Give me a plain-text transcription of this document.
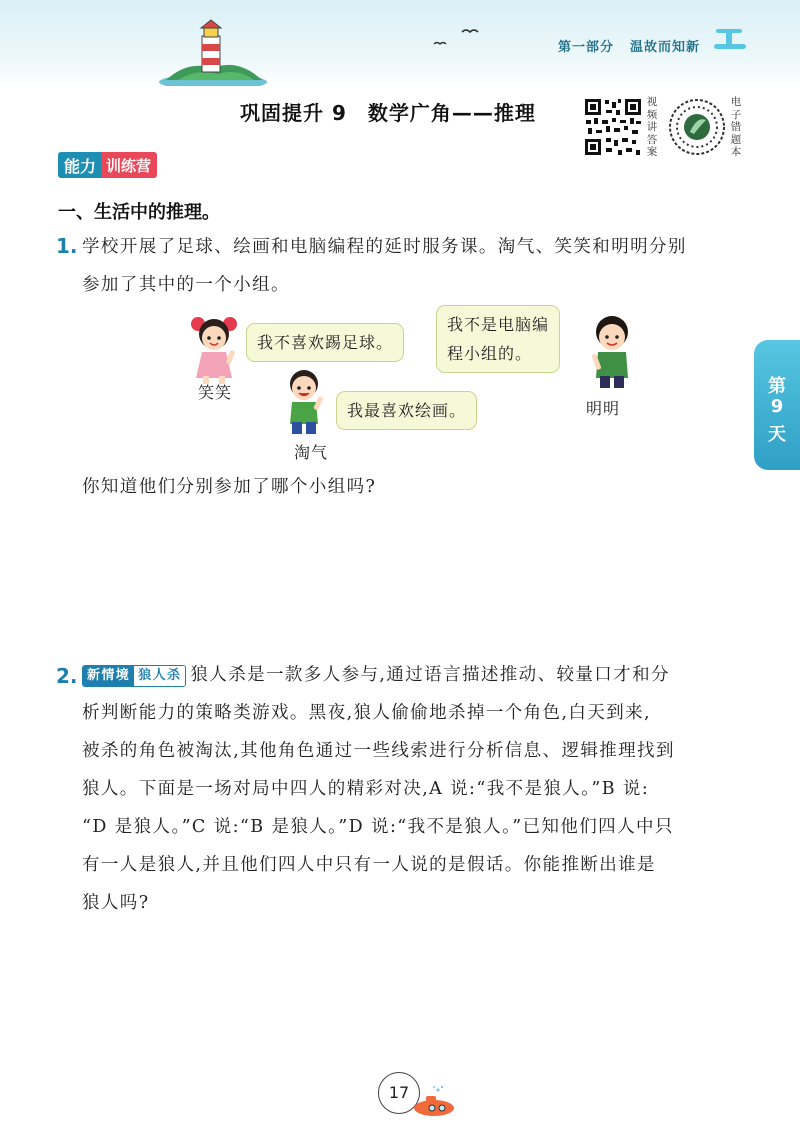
第一部分 温故而知新
巩固提升 9　数学广角——推理	视
频
讲
答
案
电
子
错
题
本
能力 训练营
一、生活中的推理。
1. 学校开展了足球、绘画和电脑编程的延时服务课。淘气、笑笑和明明分别

参加了其中的一个小组。

我不喜欢踢足球。

笑笑

我最喜欢绘画。

淘气

我不是电脑编

程小组的。

明明

你知道他们分别参加了哪个小组吗?

2. 新情境 狼人杀 狼人杀是一款多人参与,通过语言描述推动、较量口才和分

析判断能力的策略类游戏。黑夜,狼人偷偷地杀掉一个角色,白天到来,

被杀的角色被淘汰,其他角色通过一些线索进行分析信息、逻辑推理找到

狼人。下面是一场对局中四人的精彩对决,A 说:“我不是狼人。”B 说:

“D 是狼人。”C 说:“B 是狼人。”D 说:“我不是狼人。”已知他们四人中只

有一人是狼人,并且他们四人中只有一人说的是假话。你能推断出谁是

狼人吗?

第
9
天
17
